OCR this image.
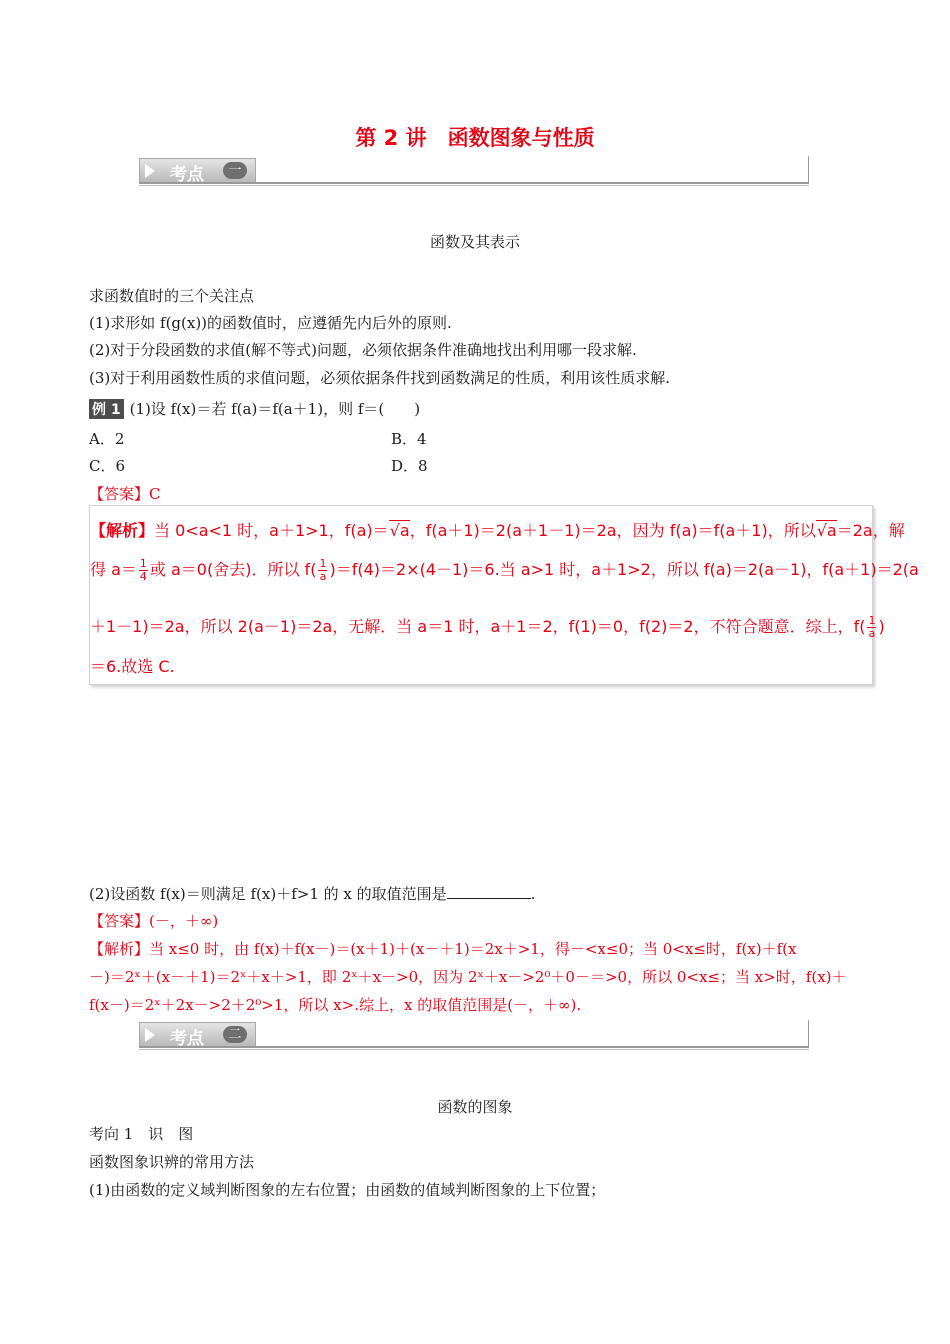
第 2 讲　函数图象与性质
考点	一
函数及其表示
求函数值时的三个关注点
(1)求形如 f(g(x))的函数值时，应遵循先内后外的原则.
(2)对于分段函数的求值(解不等式)问题，必须依据条件准确地找出利用哪一段求解.
(3)对于利用函数性质的求值问题，必须依据条件找到函数满足的性质，利用该性质求解.
例 1 (1)设 f(x)＝若 f(a)＝f(a＋1)，则 f＝(　　)
A．2	B．4
C．6	D．8
【答案】C
【解析】当 0<a<1 时，a＋1>1，f(a)＝√a，f(a＋1)＝2(a＋1－1)＝2a，因为 f(a)＝f(a＋1)，所以√a＝2a，解
得 $a= \frac{1}{4}$ 或 a＝0(舍去)．所以 $f( \frac{1}{a} )=f(4)=2\times(4-1)=6$.当 a>1 时，a＋1>2，所以 f(a)＝2(a－1)，f(a＋1)＝2(a
＋1－1)＝2a，所以 2(a－1)＝2a，无解．当 a＝1 时，a＋1＝2，f(1)＝0，f(2)＝2，不符合题意．综上，$f( \frac{1}{a}$ )
＝6.故选 C.
(2)设函数 f(x)＝则满足 f(x)＋f>1 的 x 的取值范围是	.
【答案】(－，＋∞)
【解析】当 x≤0 时，由 f(x)＋f(x－)＝(x＋1)＋(x－＋1)＝2x＋>1，得－<x≤0；当 0<x≤时，f(x)＋f(x
－)＝2ˣ＋(x－＋1)＝2ˣ＋x＋>1，即 2ˣ＋x－>0，因为 2ˣ＋x－>2⁰＋0－＝>0，所以 0<x≤；当 x>时，f(x)＋
f(x－)＝2ˣ＋2x－>2＋2⁰>1，所以 x>.综上，x 的取值范围是(－，＋∞).
考点	二
函数的图象
考向 1　识　图
函数图象识辨的常用方法
(1)由函数的定义域判断图象的左右位置；由函数的值域判断图象的上下位置；
